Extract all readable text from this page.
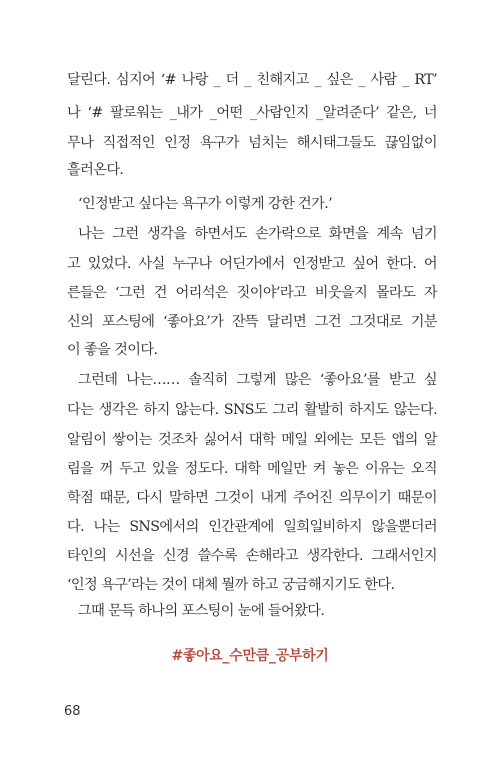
달린다. 심지어 ‘# 나랑 _ 더 _ 친해지고 _ 싶은 _ 사람 _ RT’
나 ‘# 팔로워는 _내가 _어떤 _사람인지 _알려준다’ 같은, 너
무나 직접적인 인정 욕구가 넘치는 해시태그들도 끊임없이
흘러온다.
‘인정받고 싶다는 욕구가 이렇게 강한 건가.’
나는 그런 생각을 하면서도 손가락으로 화면을 계속 넘기
고 있었다. 사실 누구나 어딘가에서 인정받고 싶어 한다. 어
른들은 ‘그런 건 어리석은 짓이야’라고 비웃을지 몰라도 자
신의 포스팅에 ‘좋아요’가 잔뜩 달리면 그건 그것대로 기분
이 좋을 것이다.
그런데 나는…… 솔직히 그렇게 많은 ‘좋아요’를 받고 싶
다는 생각은 하지 않는다. SNS도 그리 활발히 하지도 않는다.
알림이 쌓이는 것조차 싫어서 대학 메일 외에는 모든 앱의 알
림을 꺼 두고 있을 정도다. 대학 메일만 켜 놓은 이유는 오직
학점 때문, 다시 말하면 그것이 내게 주어진 의무이기 때문이
다. 나는 SNS에서의 인간관계에 일희일비하지 않을뿐더러
타인의 시선을 신경 쓸수록 손해라고 생각한다. 그래서인지
‘인정 욕구’라는 것이 대체 뭘까 하고 궁금해지기도 한다.
그때 문득 하나의 포스팅이 눈에 들어왔다.
#좋아요_수만큼_공부하기
68
